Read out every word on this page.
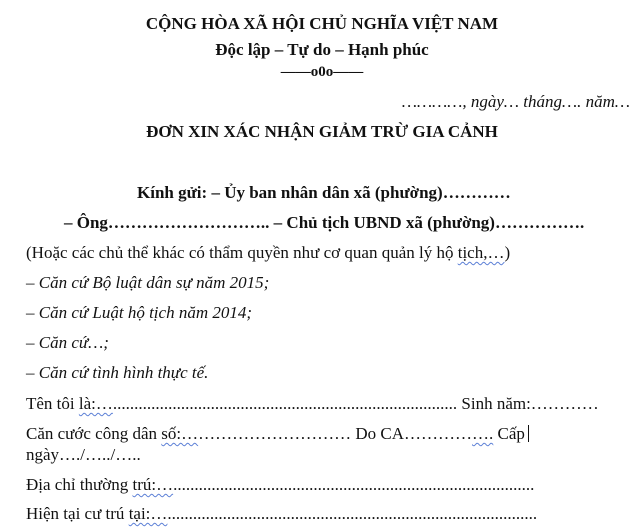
CỘNG HÒA XÃ HỘI CHỦ NGHĨA VIỆT NAM
Độc lập – Tự do – Hạnh phúc
——o0o——
…………, ngày… tháng…. năm…
ĐƠN XIN XÁC NHẬN GIẢM TRỪ GIA CẢNH
Kính gửi: – Ủy ban nhân dân xã (phường)…………
– Ông……………………….. – Chủ tịch UBND xã (phường)…………….
(Hoặc các chủ thể khác có thẩm quyền như cơ quan quản lý hộ tịch,…)
– Căn cứ Bộ luật dân sự năm 2015;
– Căn cứ Luật hộ tịch năm 2014;
– Căn cứ…;
– Căn cứ tình hình thực tế.
Tên tôi là:…................................................................................. Sinh năm:…………
Căn cước công dân số:………………………… Do CA……………. Cấp
ngày…./…../…..
Địa chỉ thường trú:….....................................................................................
Hiện tại cư trú tại:….......................................................................................
